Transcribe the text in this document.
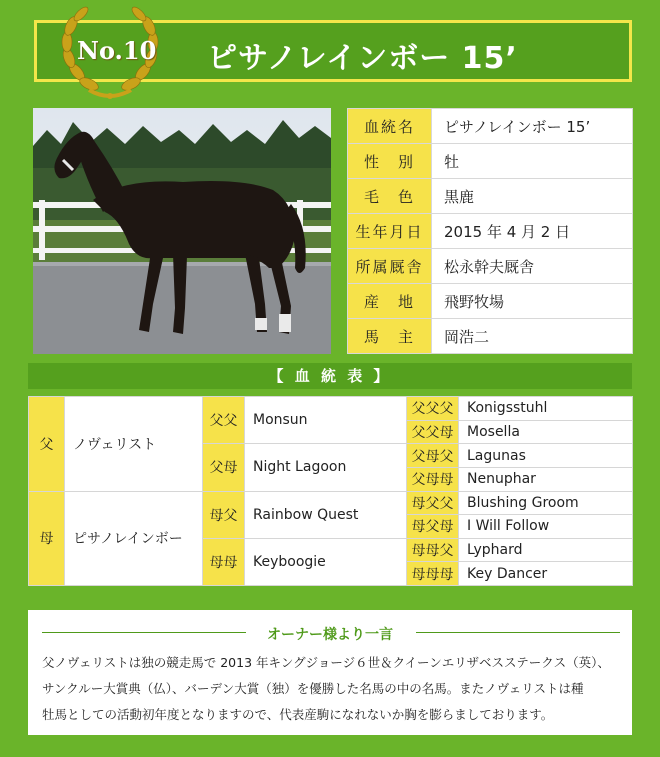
ピサノレインボー 15’
No.10
血統名	ピサノレインボー 15’
性　別	牡
毛　色	黒鹿
生年月日	2015 年 4 月 2 日
所属厩舎	松永幹夫厩舎
産　地	飛野牧場
馬　主	岡浩二
【 血 統 表 】
父	ノヴェリスト	父父	Monsun	父父父	Konigsstuhl
				父父母	Mosella
		父母	Night Lagoon	父母父	Lagunas
				父母母	Nenuphar
母	ピサノレインボー	母父	Rainbow Quest	母父父	Blushing Groom
				母父母	I Will Follow
		母母	Keyboogie	母母父	Lyphard
				母母母	Key Dancer
オーナー様より一言
父ノヴェリストは独の競走馬で 2013 年キングジョージ６世＆クイーンエリザベスステークス（英）、
サンクルー大賞典（仏）、バーデン大賞（独）を優勝した名馬の中の名馬。またノヴェリストは種
牡馬としての活動初年度となりますので、代表産駒になれないか胸を膨らましております。
